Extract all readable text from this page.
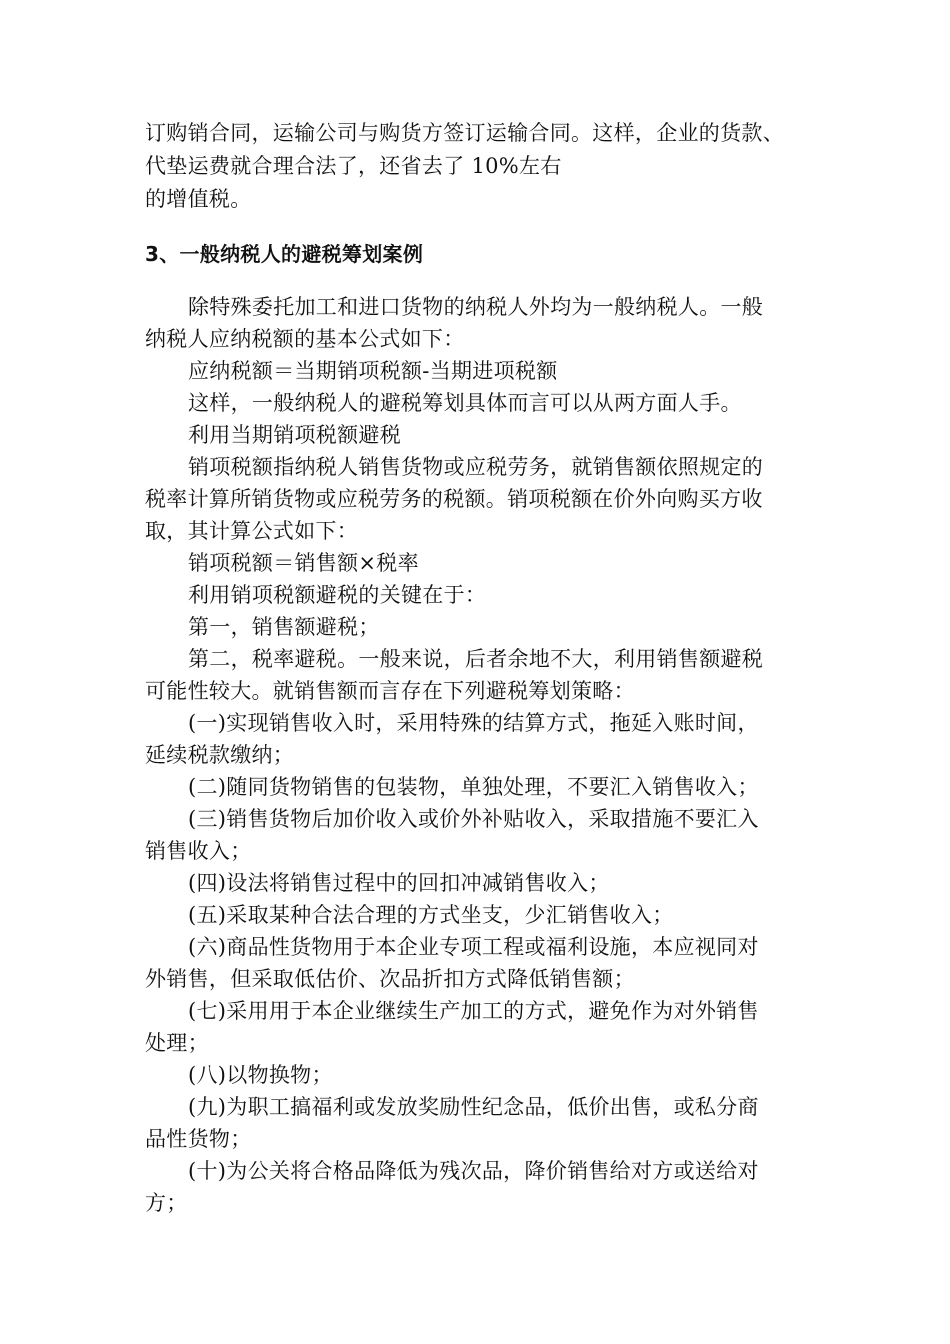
订购销合同，运输公司与购货方签订运输合同。这样，企业的货款、
代垫运费就合理合法了，还省去了 10%左右
的增值税。
3、一般纳税人的避税筹划案例
除特殊委托加工和进口货物的纳税人外均为一般纳税人。一般
纳税人应纳税额的基本公式如下：
应纳税额＝当期销项税额-当期进项税额
这样，一般纳税人的避税筹划具体而言可以从两方面人手。
利用当期销项税额避税
销项税额指纳税人销售货物或应税劳务，就销售额依照规定的
税率计算所销货物或应税劳务的税额。销项税额在价外向购买方收
取，其计算公式如下：
销项税额＝销售额×税率
利用销项税额避税的关键在于：
第一，销售额避税；
第二，税率避税。一般来说，后者余地不大，利用销售额避税
可能性较大。就销售额而言存在下列避税筹划策略：
(一)实现销售收入时，采用特殊的结算方式，拖延入账时间，
延续税款缴纳；
(二)随同货物销售的包装物，单独处理，不要汇入销售收入；
(三)销售货物后加价收入或价外补贴收入，采取措施不要汇入
销售收入；
(四)设法将销售过程中的回扣冲减销售收入；
(五)采取某种合法合理的方式坐支，少汇销售收入；
(六)商品性货物用于本企业专项工程或福利设施，本应视同对
外销售，但采取低估价、次品折扣方式降低销售额；
(七)采用用于本企业继续生产加工的方式，避免作为对外销售
处理；
(八)以物换物；
(九)为职工搞福利或发放奖励性纪念品，低价出售，或私分商
品性货物；
(十)为公关将合格品降低为残次品，降价销售给对方或送给对
方；
